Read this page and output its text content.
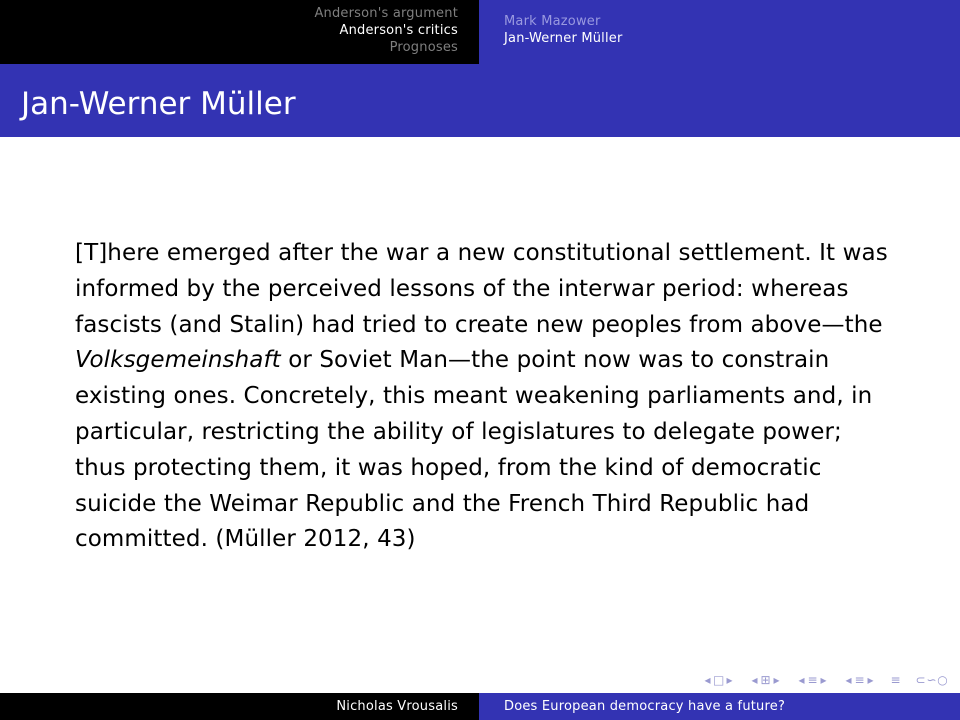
Anderson's argument
Anderson's critics
Prognoses
Mark Mazower
Jan-Werner Müller
Jan-Werner Müller
[T]here emerged after the war a new constitutional settlement. It was informed by the perceived lessons of the interwar period: whereas fascists (and Stalin) had tried to create new peoples from above—the Volksgemeinshaft or Soviet Man—the point now was to constrain existing ones. Concretely, this meant weakening parliaments and, in particular, restricting the ability of legislatures to delegate power; thus protecting them, it was hoped, from the kind of democratic suicide the Weimar Republic and the French Third Republic had committed. (Müller 2012, 43)
◂ □ ▸ ◂ ⊞ ▸ ◂ ≡ ▸ ◂ ≡ ▸ ≡ ⊂ ∽ ○
Nicholas Vrousalis	Does European democracy have a future?
